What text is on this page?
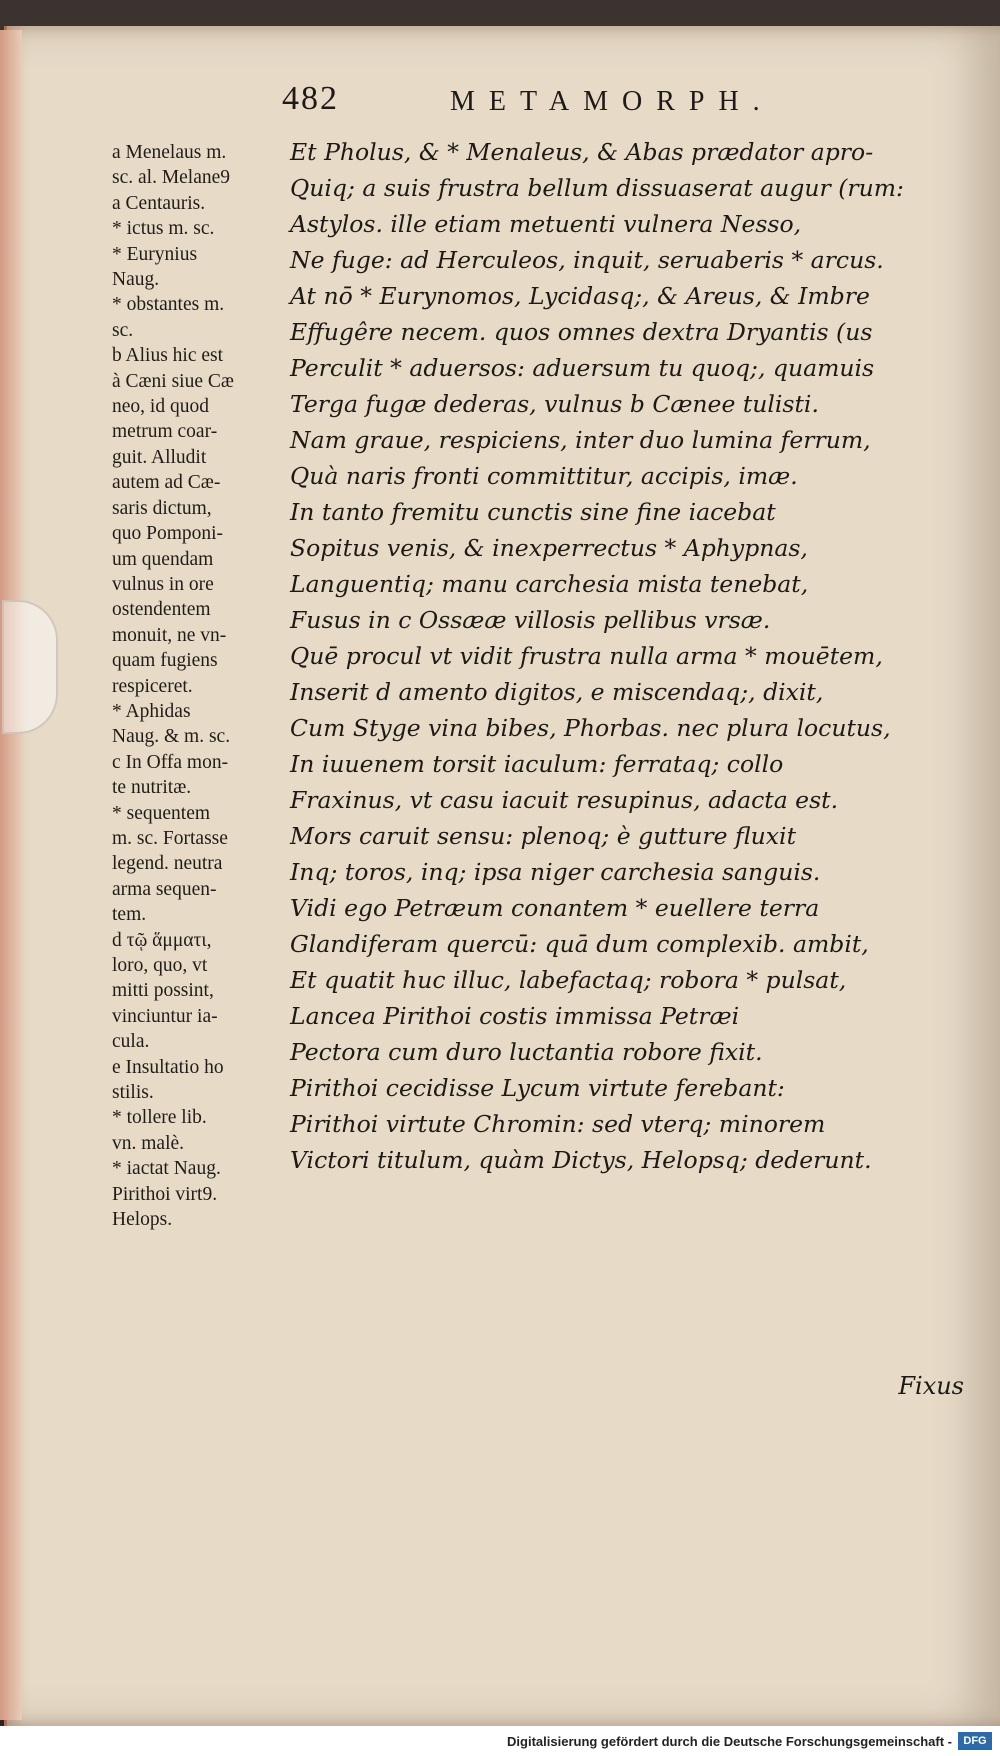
482	METAMORPH.
a Menelaus m.
sc. al. Melane9
a Centauris.
* ictus m. sc.
* Eurynius
Naug.
* obstantes m.
sc.
b Alius hic est
à Cæni siue Cæ
neo, id quod
metrum coar-
guit. Alludit
autem ad Cæ-
saris dictum,
quo Pomponi-
um quendam
vulnus in ore
ostendentem
monuit, ne vn-
quam fugiens
respiceret.
* Aphidas
Naug. & m. sc.
c In Offa mon-
te nutritæ.
* sequentem
m. sc. Fortasse
legend. neutra
arma sequen-
tem.
d τῷ ἅμματι,
loro, quo, vt
mitti possint,
vinciuntur ia-
cula.
e Insultatio ho
stilis.
* tollere lib.
vn. malè.
* iactat Naug.
Pirithoi virt9.
Helops.
Et Pholus, & * Menaleus, & Abas prædator apro-
Quiq; a suis frustra bellum dissuaserat augur (rum:
Astylos. ille etiam metuenti vulnera Nesso,
Ne fuge: ad Herculeos, inquit, seruaberis * arcus.
At nō * Eurynomos, Lycidasq;, & Areus, & Imbre
Effugêre necem. quos omnes dextra Dryantis (us
Perculit * aduersos: aduersum tu quoq;, quamuis
Terga fugæ dederas, vulnus b Cænee tulisti.
Nam graue, respiciens, inter duo lumina ferrum,
Quà naris fronti committitur, accipis, imæ.
In tanto fremitu cunctis sine fine iacebat
Sopitus venis, & inexperrectus * Aphypnas,
Languentiq; manu carchesia mista tenebat,
Fusus in c Ossææ villosis pellibus vrsæ.
Quē procul vt vidit frustra nulla arma * mouētem,
Inserit d amento digitos, e miscendaq;, dixit,
Cum Styge vina bibes, Phorbas. nec plura locutus,
In iuuenem torsit iaculum: ferrataq; collo
Fraxinus, vt casu iacuit resupinus, adacta est.
Mors caruit sensu: plenoq; è gutture fluxit
Inq; toros, inq; ipsa niger carchesia sanguis.
Vidi ego Petræum conantem * euellere terra
Glandiferam quercū: quā dum complexib. ambit,
Et quatit huc illuc, labefactaq; robora * pulsat,
Lancea Pirithoi costis immissa Petræi
Pectora cum duro luctantia robore fixit.
Pirithoi cecidisse Lycum virtute ferebant:
Pirithoi virtute Chromin: sed vterq; minorem
Victori titulum, quàm Dictys, Helopsq; dederunt.
Fixus
Digitalisierung gefördert durch die Deutsche Forschungsgemeinschaft -	DFG
